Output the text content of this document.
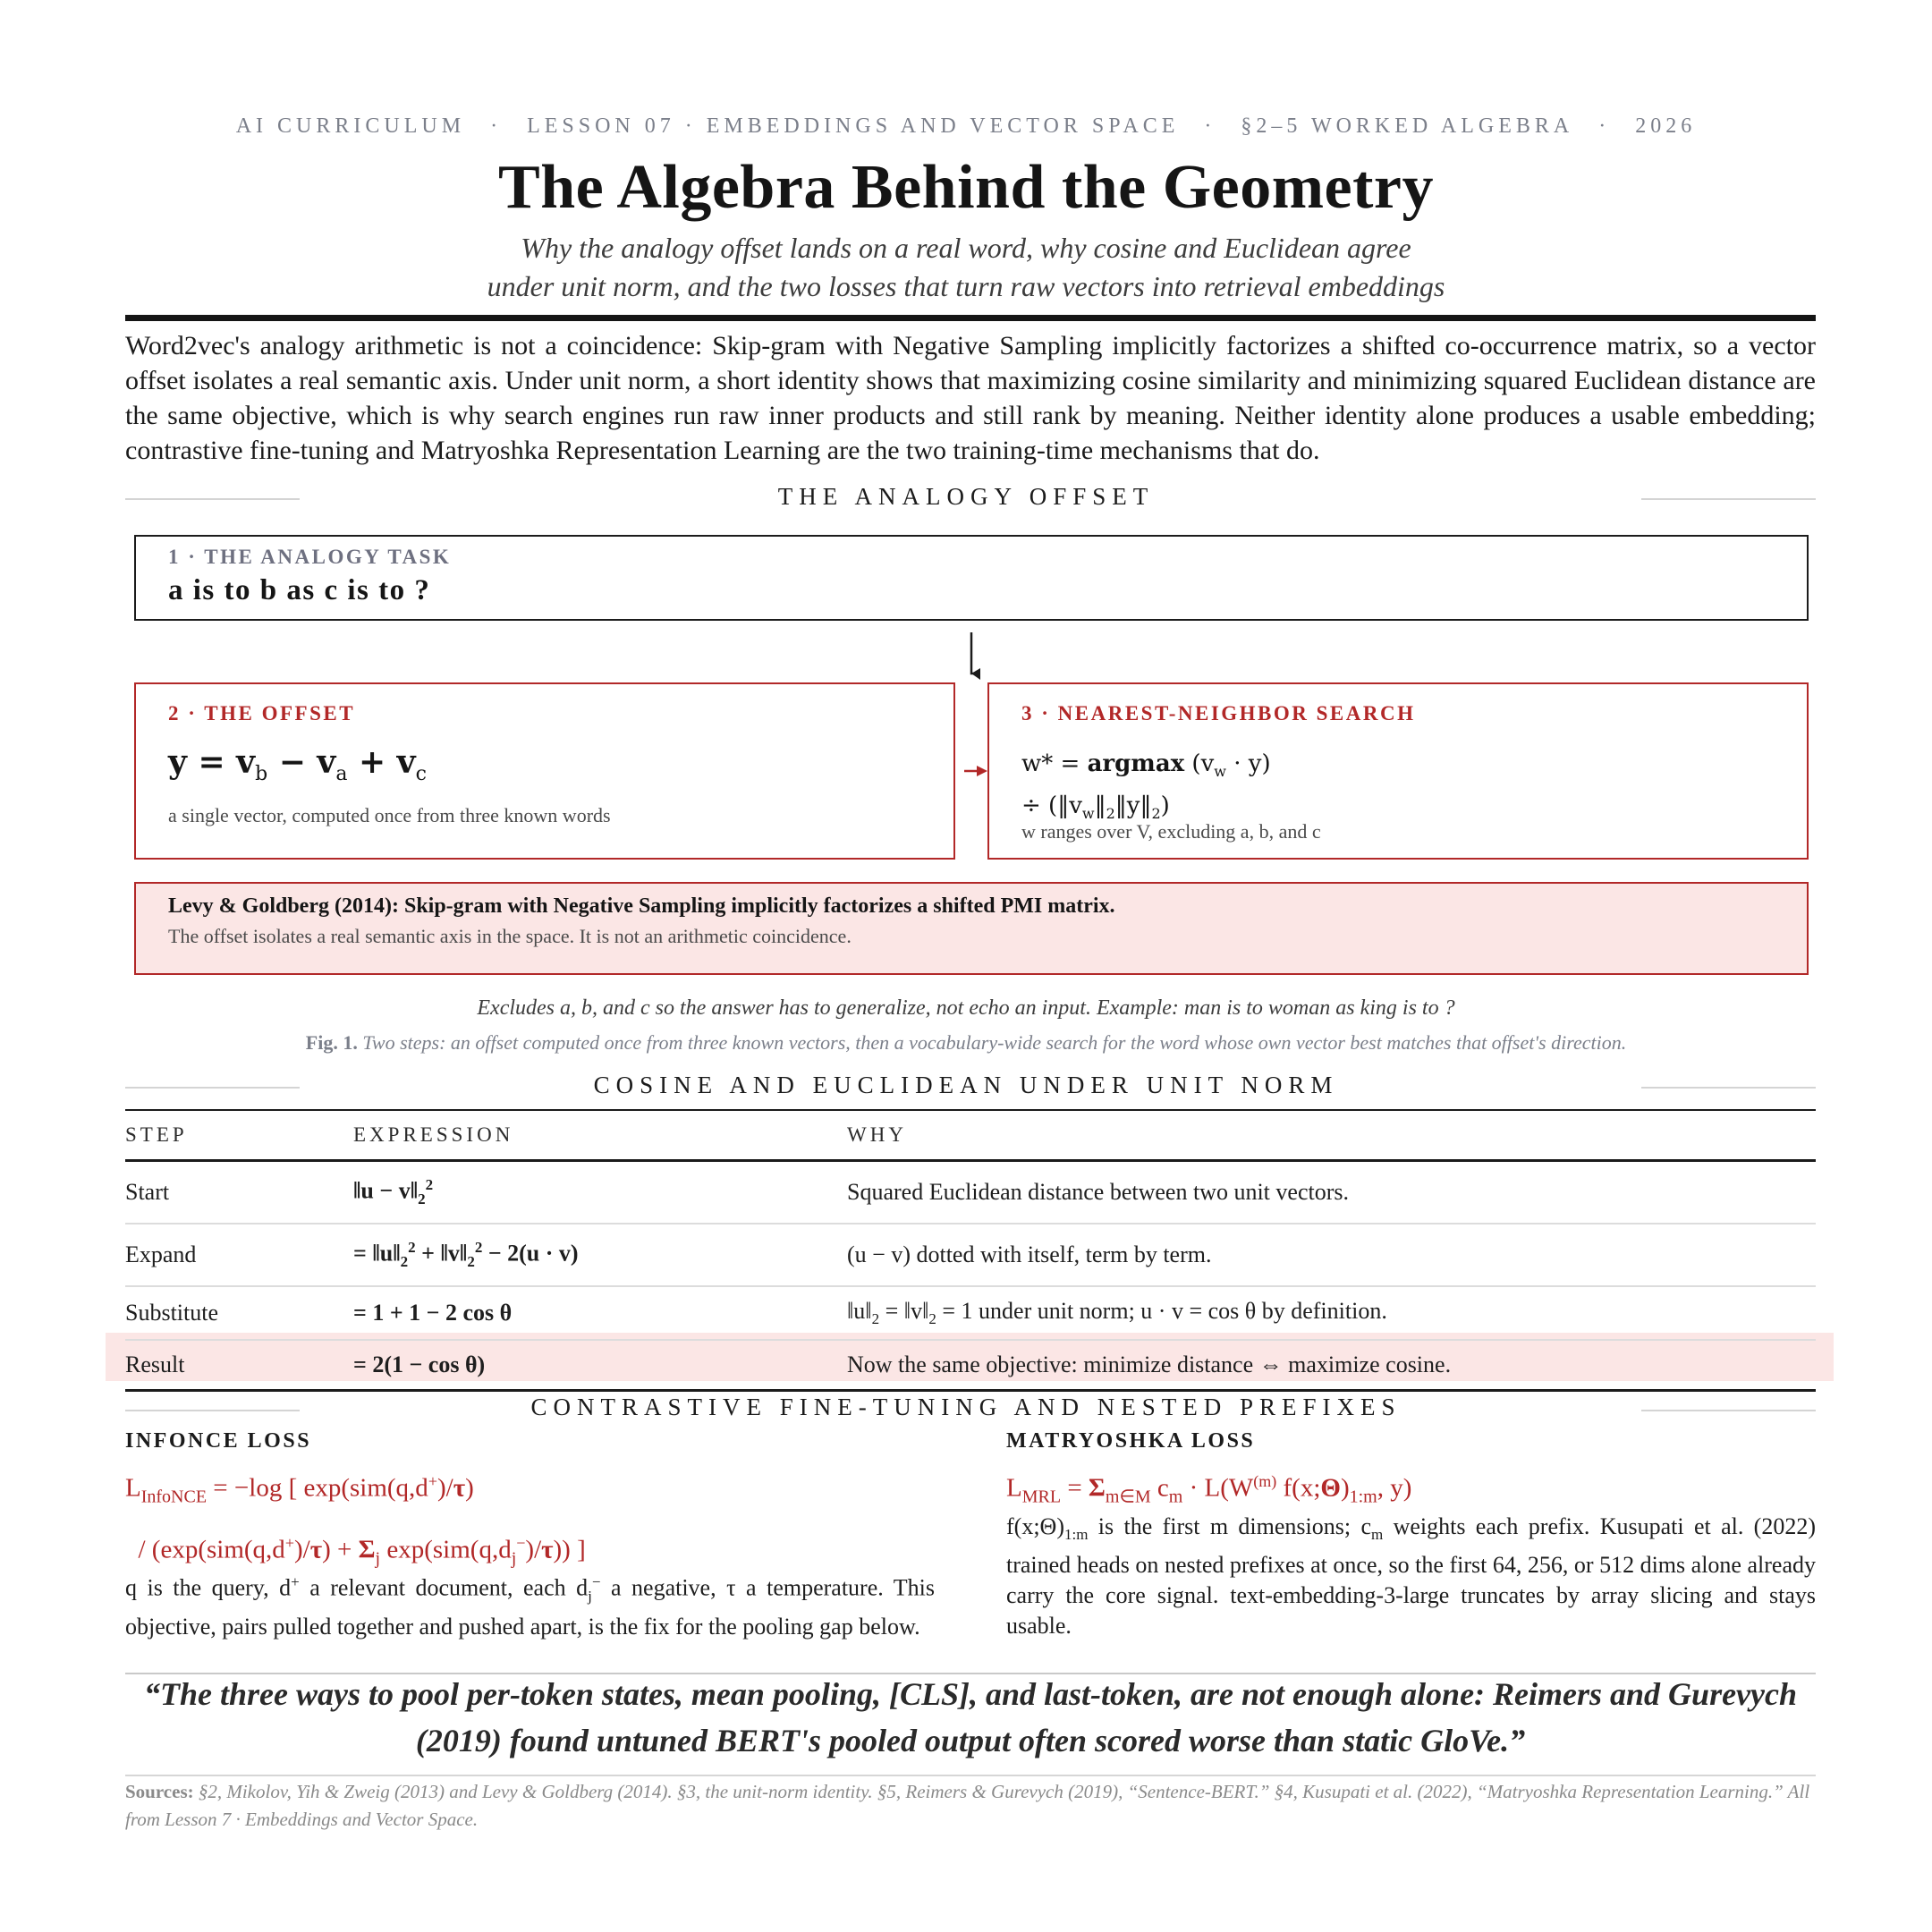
AI CURRICULUM · LESSON 07 · EMBEDDINGS AND VECTOR SPACE · §2–5 WORKED ALGEBRA · 2026
The Algebra Behind the Geometry
Why the analogy offset lands on a real word, why cosine and Euclidean agree
under unit norm, and the two losses that turn raw vectors into retrieval embeddings
Word2vec's analogy arithmetic is not a coincidence: Skip-gram with Negative Sampling implicitly factorizes a shifted co-occurrence matrix, so a vector offset isolates a real semantic axis. Under unit norm, a short identity shows that maximizing cosine similarity and minimizing squared Euclidean distance are the same objective, which is why search engines run raw inner products and still rank by meaning. Neither identity alone produces a usable embedding; contrastive fine-tuning and Matryoshka Representation Learning are the two training-time mechanisms that do.
THE ANALOGY OFFSET
1 · THE ANALOGY TASK
a is to b as c is to ?
2 · THE OFFSET
$y = v_b - v_a + v_c$
a single vector, computed once from three known words
3 · NEAREST-NEIGHBOR SEARCH
w* = argmax $(v_w \cdot y)$
÷ $(‖v_w‖_2‖y‖_2)$
w ranges over V, excluding a, b, and c
Levy & Goldberg (2014): Skip-gram with Negative Sampling implicitly factorizes a shifted PMI matrix.
The offset isolates a real semantic axis in the space. It is not an arithmetic coincidence.
Excludes a, b, and c so the answer has to generalize, not echo an input. Example: man is to woman as king is to ?
Fig. 1. Two steps: an offset computed once from three known vectors, then a vocabulary-wide search for the word whose own vector best matches that offset's direction.
COSINE AND EUCLIDEAN UNDER UNIT NORM
STEP	EXPRESSION	WHY
Start	‖u − $v‖_2^2$	Squared Euclidean distance between two unit vectors.
Expand	= $‖u‖_2^2$ + $‖v‖_2^2 - 2(u \cdot v)$	(u − v) dotted with itself, term by term.
Substitute	= 1 + 1 − 2 cos θ	$‖u‖_2$ = $‖v‖_2 = 1$ under unit norm; u · v = cos θ by definition.
Result	= 2(1 − cos θ)	Now the same objective: minimize distance ⇔ maximize cosine.
CONTRASTIVE FINE-TUNING AND NESTED PREFIXES
INFONCE LOSS
$L_{InfoNCE} = -\log$ [ exp(sim(q,d+)/τ)
/ ($\exp(sim(q,d^+)/\tau) + \Sigma_j$ $\exp(sim(q,d_j^-)/\tau)$) ]
q is the query, d+ a relevant document, each $d_j^-$ a negative, τ a temperature. This objective, pairs pulled together and pushed apart, is the fix for the pooling gap below.
MATRYOSHKA LOSS
$L_{MRL} = \Sigma_{m\in M}$ $c_m \cdot L(W^{(m)}$ $f(x;\Theta)_{1:m}$, y)
$f(x;\Theta)_{1:m}$ is the first m dimensions; $c_m$ weights each prefix. Kusupati et al. (2022) trained heads on nested prefixes at once, so the first 64, 256, or 512 dims alone already carry the core signal. text-embedding-3-large truncates by array slicing and stays usable.
“The three ways to pool per-token states, mean pooling, [CLS], and last-token, are not enough alone: Reimers and Gurevych (2019) found untuned BERT's pooled output often scored worse than static GloVe.”
Sources: §2, Mikolov, Yih & Zweig (2013) and Levy & Goldberg (2014). §3, the unit-norm identity. §5, Reimers & Gurevych (2019), “Sentence-BERT.” §4, Kusupati et al. (2022), “Matryoshka Representation Learning.” All from Lesson 7 · Embeddings and Vector Space.
